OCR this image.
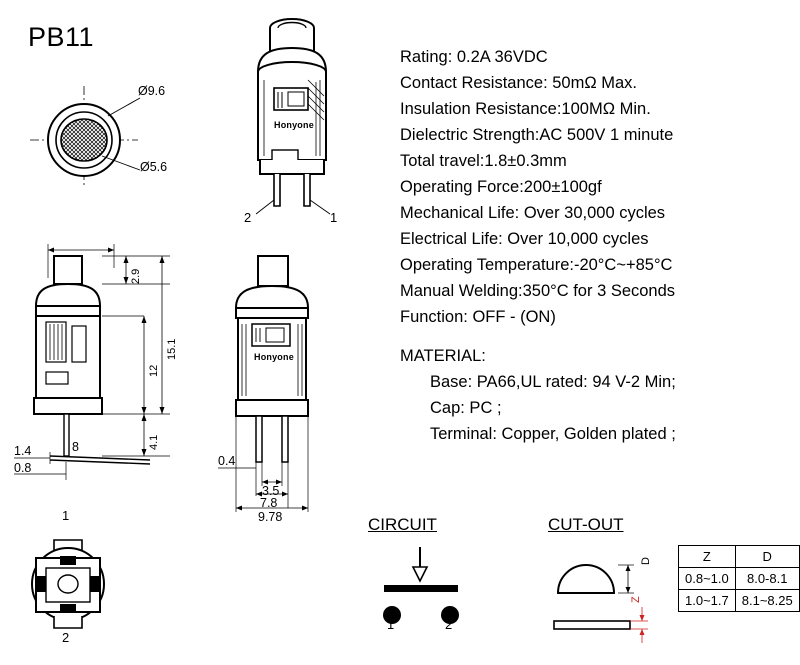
PB11
Rating: 0.2A 36VDC
Contact Resistance: 50mΩ Max.
Insulation Resistance:100MΩ Min.
Dielectric Strength:AC 500V 1 minute
Total travel:1.8±0.3mm
Operating Force:200±100gf
Mechanical Life: Over 30,000 cycles
Electrical Life: Over 10,000 cycles
Operating Temperature:-20°C~+85°C
Manual Welding:350°C for 3 Seconds
Function: OFF - (ON)
MATERIAL:
Base: PA66,UL rated: 94 V-2 Min;
Cap: PC ;
Terminal: Copper, Golden plated ;
Ø9.6
Ø5.6
Honyone
2	1
8
2.9
15.1
12
4.1
1.4
0.8
Honyone
0.4
3.5
7.8
9.78
1
2
CIRCUIT
1	2
CUT-OUT
D
Z
Z	D
0.8~1.0	8.0-8.1
1.0~1.7	8.1~8.25
